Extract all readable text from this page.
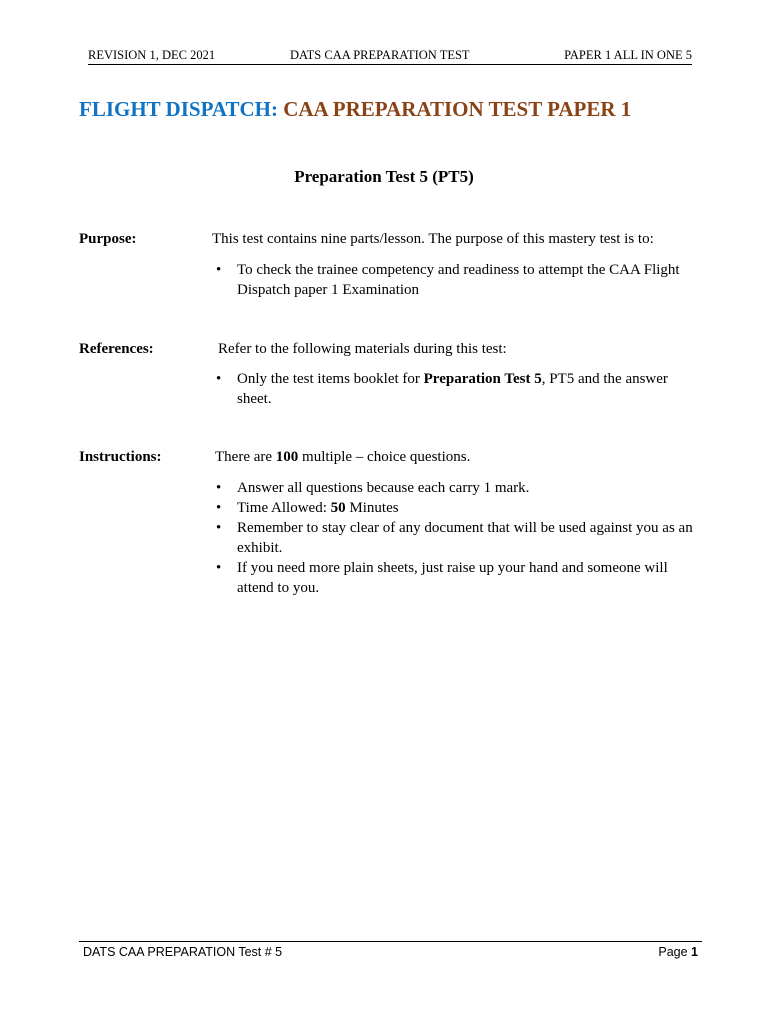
REVISION 1, DEC 2021	DATS CAA PREPARATION TEST	PAPER 1 ALL IN ONE 5
FLIGHT DISPATCH: CAA PREPARATION TEST PAPER 1
Preparation Test 5 (PT5)
Purpose:	This test contains nine parts/lesson. The purpose of this mastery test is to:
• To check the trainee competency and readiness to attempt the CAA Flight
Dispatch paper 1 Examination
References:	Refer to the following materials during this test:
• Only the test items booklet for Preparation Test 5, PT5 and the answer
sheet.
Instructions:	There are 100 multiple – choice questions.
• Answer all questions because each carry 1 mark.
• Time Allowed: 50 Minutes
• Remember to stay clear of any document that will be used against you as an
exhibit.
• If you need more plain sheets, just raise up your hand and someone will
attend to you.
DATS CAA PREPARATION Test # 5	Page 1
